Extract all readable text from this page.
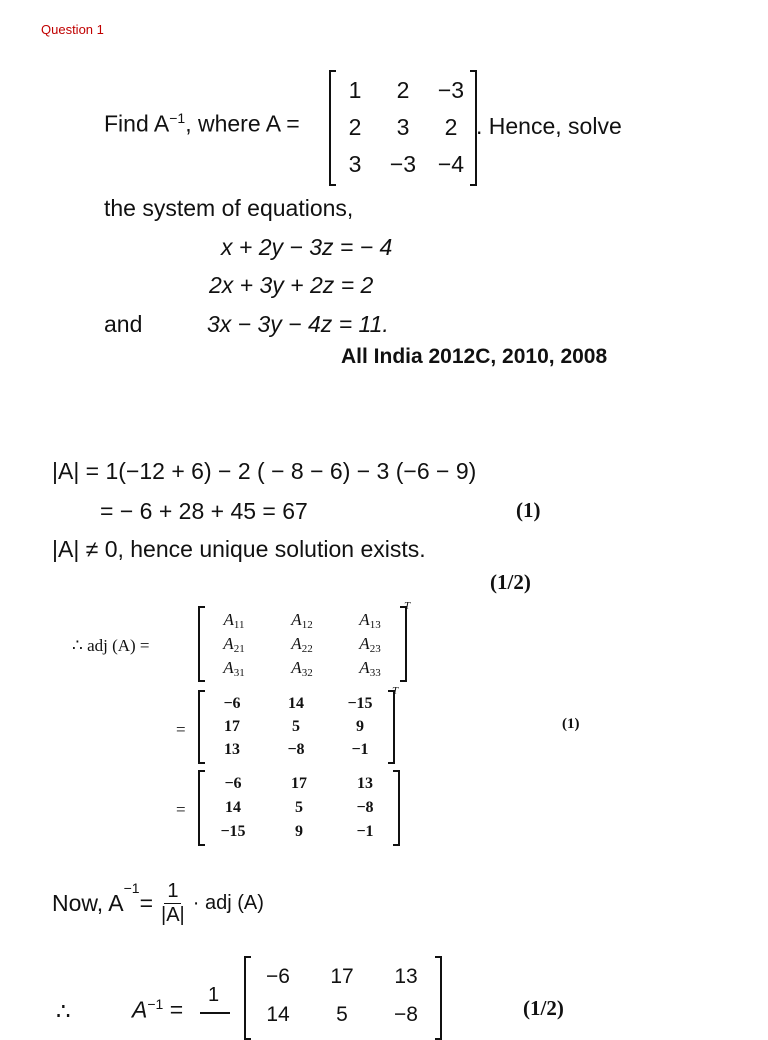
Question 1
Find $A^{-1}$, where A =
1	2	−3
2	3	2
3	−3 −4
. Hence, solve
the system of equations,
x + 2y − 3z = − 4
2x + 3y + 2z = 2
and	3x − 3y − 4z = 11.
All India 2012C, 2010, 2008
|A| = 1(−12 + 6) − 2 ( − 8 − 6) − 3 (−6 − 9)
= − 6 + 28 + 45 = 67	(1)
|A| ≠ 0, hence unique solution exists.
(1/2)
∴ adj (A) =
$A_{11}$	$A_{12}$	$A_{13}$
$A_{21}$	$A_{22}$	$A_{23}$
$A_{31}$	$A_{32}$	$A_{33}$
T
=
−6	14	−15
17	5	9
13	−8	−1
T
(1)
=
−6	17	13
14	5	−8
−15	9	−1
Now, A
$^{-1}$
= $\frac{1}{|A|}$ · adj (A)
∴	$A^{-1}$ =
1
−6	17	13
14	5	−8	(1/2)
